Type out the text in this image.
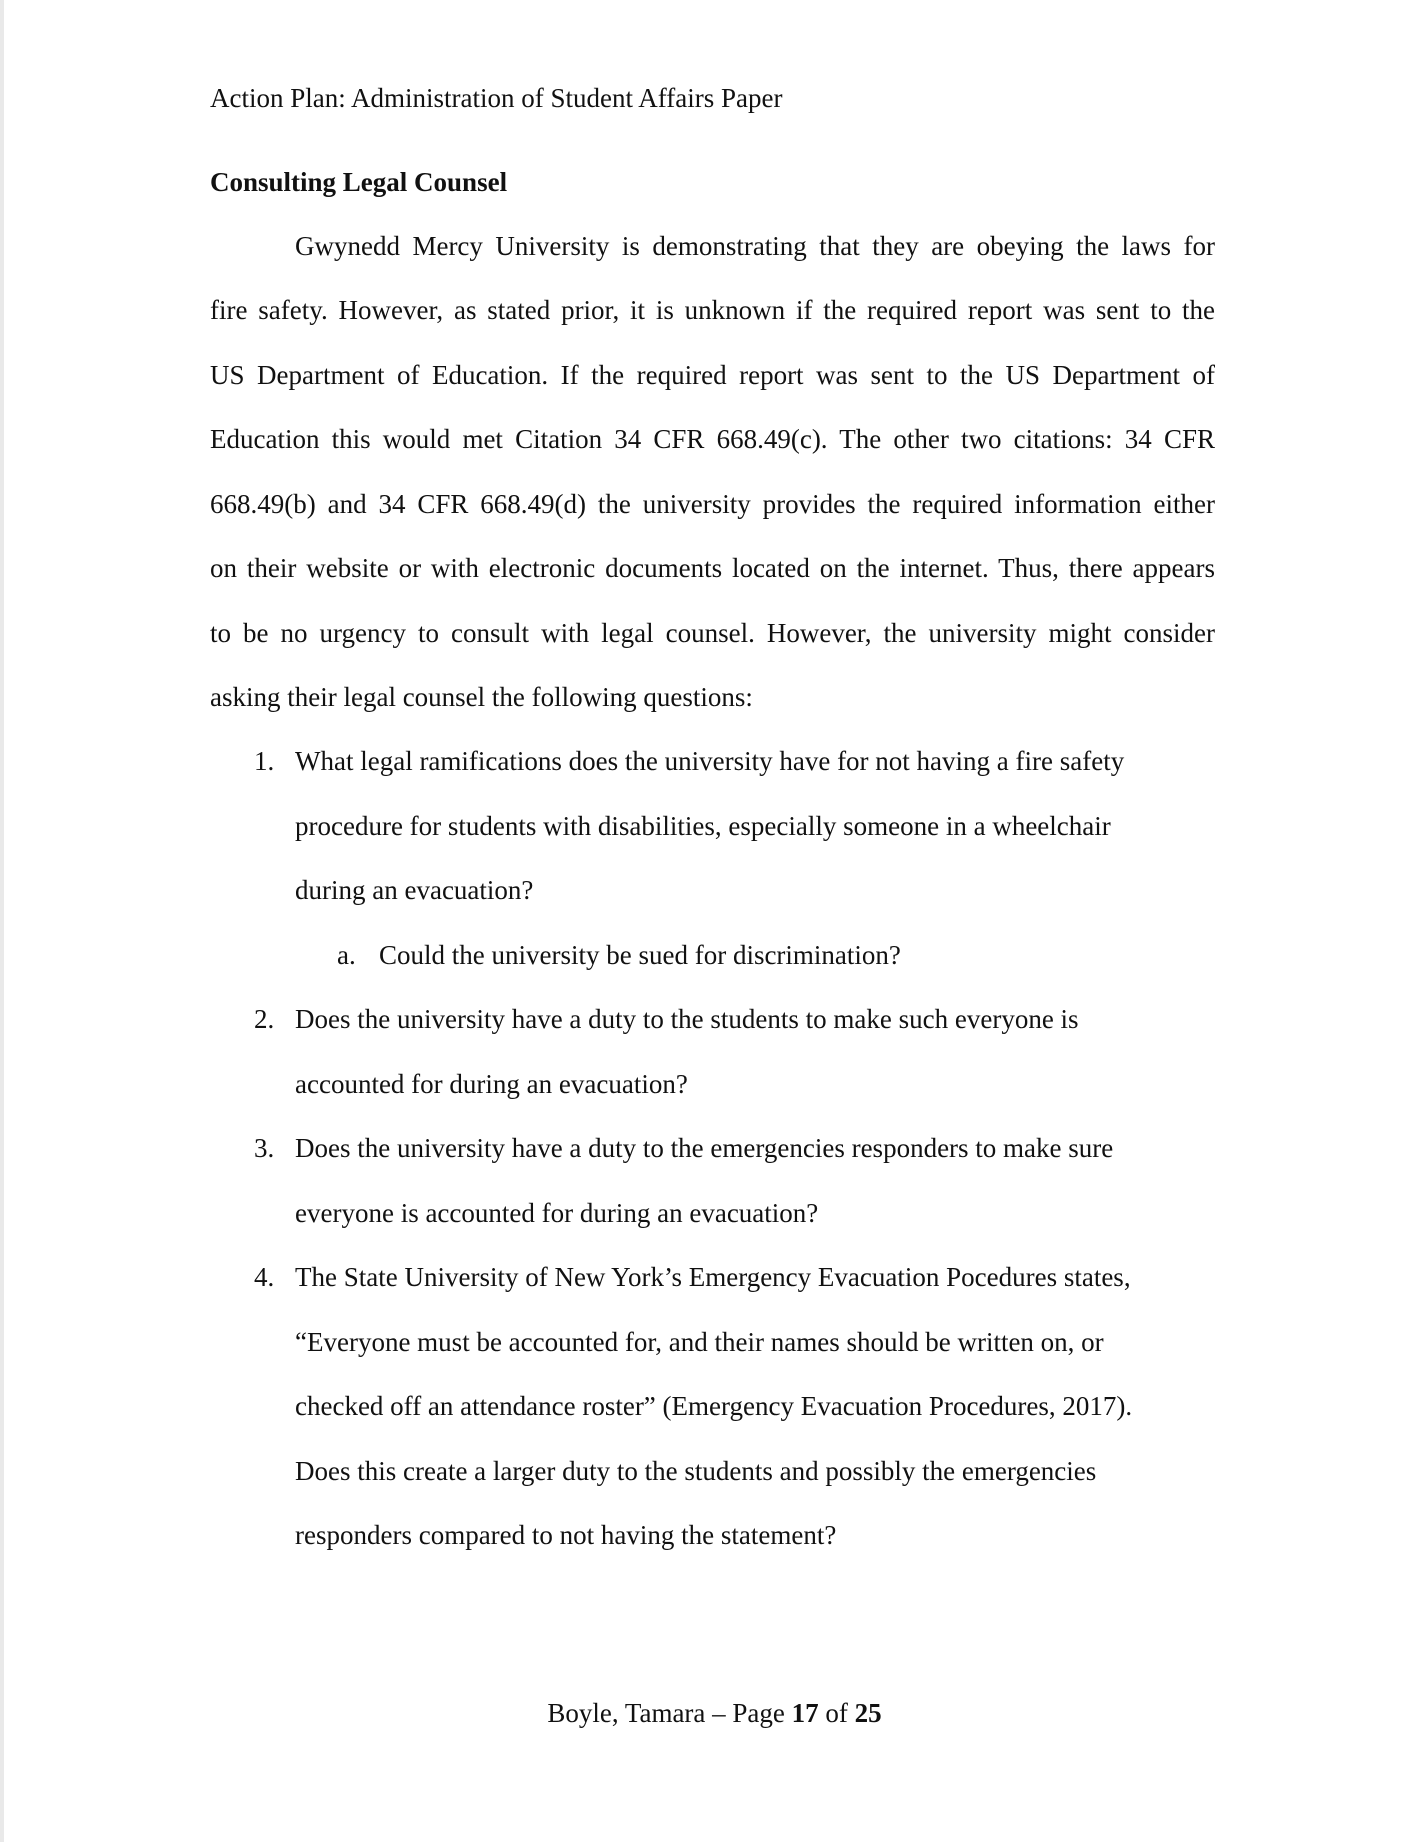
Action Plan: Administration of Student Affairs Paper
Consulting Legal Counsel
Gwynedd Mercy University is demonstrating that they are obeying the laws for
fire safety. However, as stated prior, it is unknown if the required report was sent to the
US Department of Education. If the required report was sent to the US Department of
Education this would met Citation 34 CFR 668.49(c). The other two citations: 34 CFR
668.49(b) and 34 CFR 668.49(d) the university provides the required information either
on their website or with electronic documents located on the internet. Thus, there appears
to be no urgency to consult with legal counsel. However, the university might consider
asking their legal counsel the following questions:
1. What legal ramifications does the university have for not having a fire safety
procedure for students with disabilities, especially someone in a wheelchair
during an evacuation?
a. Could the university be sued for discrimination?
2. Does the university have a duty to the students to make such everyone is
accounted for during an evacuation?
3. Does the university have a duty to the emergencies responders to make sure
everyone is accounted for during an evacuation?
4. The State University of New York’s Emergency Evacuation Pocedures states,
“Everyone must be accounted for, and their names should be written on, or
checked off an attendance roster” (Emergency Evacuation Procedures, 2017).
Does this create a larger duty to the students and possibly the emergencies
responders compared to not having the statement?
Boyle, Tamara – Page 17 of 25
